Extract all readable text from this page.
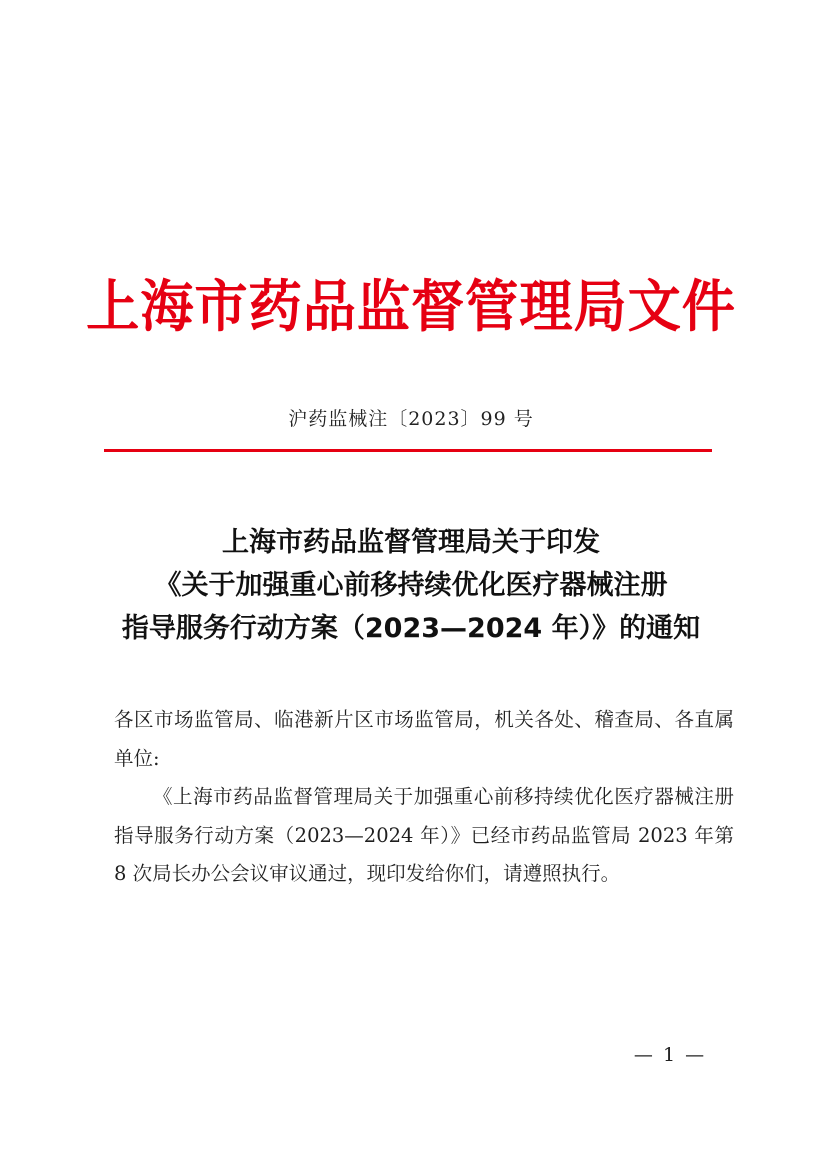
上海市药品监督管理局文件
沪药监械注〔2023〕99 号
上海市药品监督管理局关于印发
《关于加强重心前移持续优化医疗器械注册
指导服务行动方案（2023—2024 年）》的通知

各区市场监管局、临港新片区市场监管局，机关各处、稽查局、各直属单位:

《上海市药品监督管理局关于加强重心前移持续优化医疗器械注册指导服务行动方案（2023—2024 年）》已经市药品监管局 2023 年第 8 次局长办公会议审议通过，现印发给你们，请遵照执行。

— 1 —
